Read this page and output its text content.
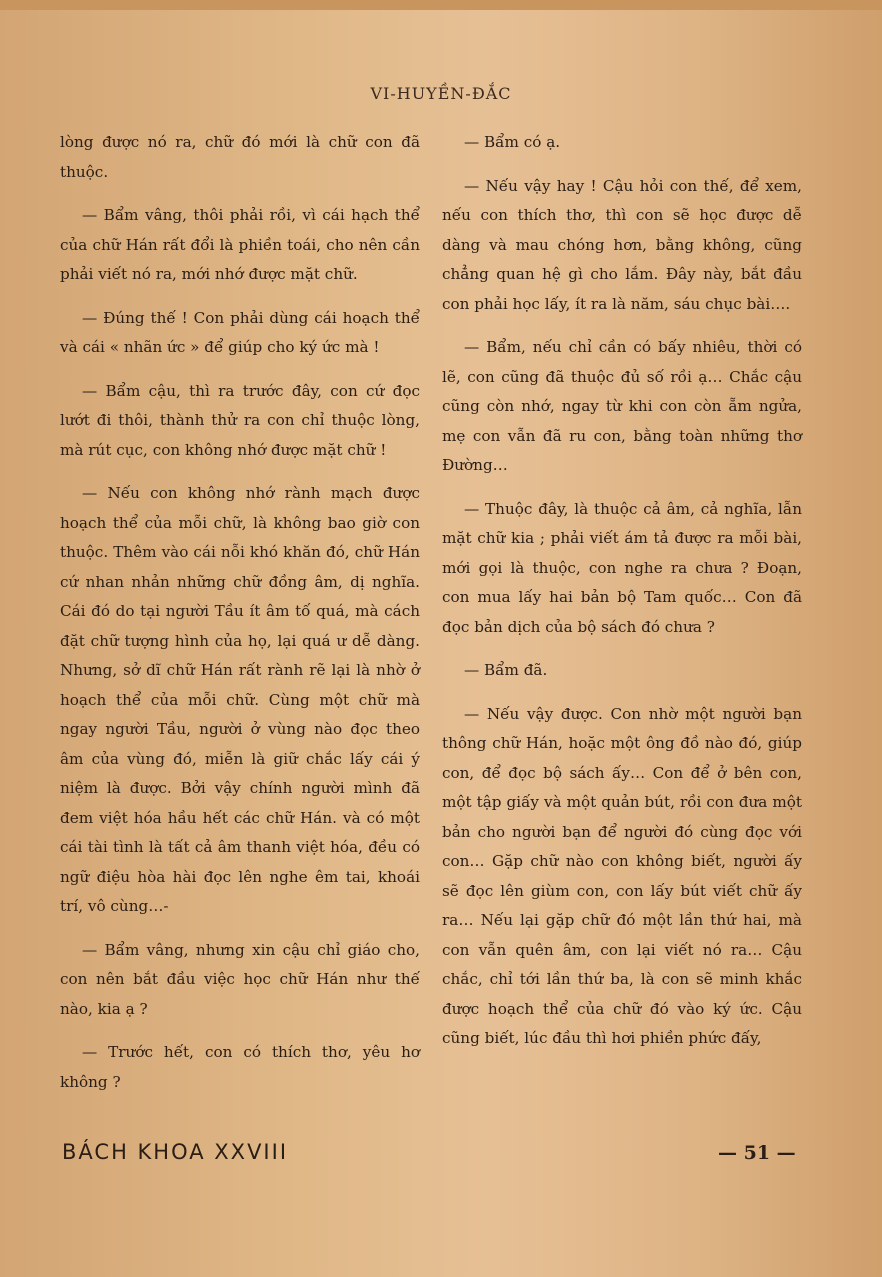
VI-HUYỀN-ĐẮC

lòng được nó ra, chữ đó mới là chữ con đã thuộc.

— Bẩm vâng, thôi phải rồi, vì cái hạch thể của chữ Hán rất đổi là phiền toái, cho nên cần phải viết nó ra, mới nhớ được mặt chữ.

— Đúng thế ! Con phải dùng cái hoạch thể và cái « nhãn ức » để giúp cho ký ức mà !

— Bẩm cậu, thì ra trước đây, con cứ đọc lướt đi thôi, thành thử ra con chỉ thuộc lòng, mà rút cục, con không nhớ được mặt chữ !

— Nếu con không nhớ rành mạch được hoạch thể của mỗi chữ, là không bao giờ con thuộc. Thêm vào cái nỗi khó khăn đó, chữ Hán cứ nhan nhản những chữ đồng âm, dị nghĩa. Cái đó do tại người Tầu ít âm tố quá, mà cách đặt chữ tượng hình của họ, lại quá ư dễ dàng. Nhưng, sở dĩ chữ Hán rất rành rẽ lại là nhờ ở hoạch thể của mỗi chữ. Cùng một chữ mà ngay người Tầu, người ở vùng nào đọc theo âm của vùng đó, miễn là giữ chắc lấy cái ý niệm là được. Bởi vậy chính người mình đã đem việt hóa hầu hết các chữ Hán. và có một cái tài tình là tất cả âm thanh việt hóa, đều có ngữ điệu hòa hài đọc lên nghe êm tai, khoái trí, vô cùng…-

— Bẩm vâng, nhưng xin cậu chỉ giáo cho, con nên bắt đầu việc học chữ Hán như thế nào, kia ạ ?

— Trước hết, con có thích thơ, yêu hơ không ?

— Bẩm có ạ.

— Nếu vậy hay ! Cậu hỏi con thế, để xem, nếu con thích thơ, thì con sẽ học được dễ dàng và mau chóng hơn, bằng không, cũng chẳng quan hệ gì cho lắm. Đây này, bắt đầu con phải học lấy, ít ra là năm, sáu chục bài….

— Bẩm, nếu chỉ cần có bấy nhiêu, thời có lẽ, con cũng đã thuộc đủ số rồi ạ… Chắc cậu cũng còn nhớ, ngay từ khi con còn ẵm ngửa, mẹ con vẫn đã ru con, bằng toàn những thơ Đường…

— Thuộc đây, là thuộc cả âm, cả nghĩa, lẫn mặt chữ kia ; phải viết ám tả được ra mỗi bài, mới gọi là thuộc, con nghe ra chưa ? Đoạn, con mua lấy hai bản bộ Tam quốc… Con đã đọc bản dịch của bộ sách đó chưa ?

— Bẩm đã.

— Nếu vậy được. Con nhờ một người bạn thông chữ Hán, hoặc một ông đồ nào đó, giúp con, để đọc bộ sách ấy… Con để ở bên con, một tập giấy và một quản bút, rồi con đưa một bản cho người bạn để người đó cùng đọc với con… Gặp chữ nào con không biết, người ấy sẽ đọc lên giùm con, con lấy bút viết chữ ấy ra… Nếu lại gặp chữ đó một lần thứ hai, mà con vẫn quên âm, con lại viết nó ra… Cậu chắc, chỉ tới lần thứ ba, là con sẽ minh khắc được hoạch thể của chữ đó vào ký ức. Cậu cũng biết, lúc đầu thì hơi phiền phức đấy,

BÁCH KHOA XXVIII	— 51 —
